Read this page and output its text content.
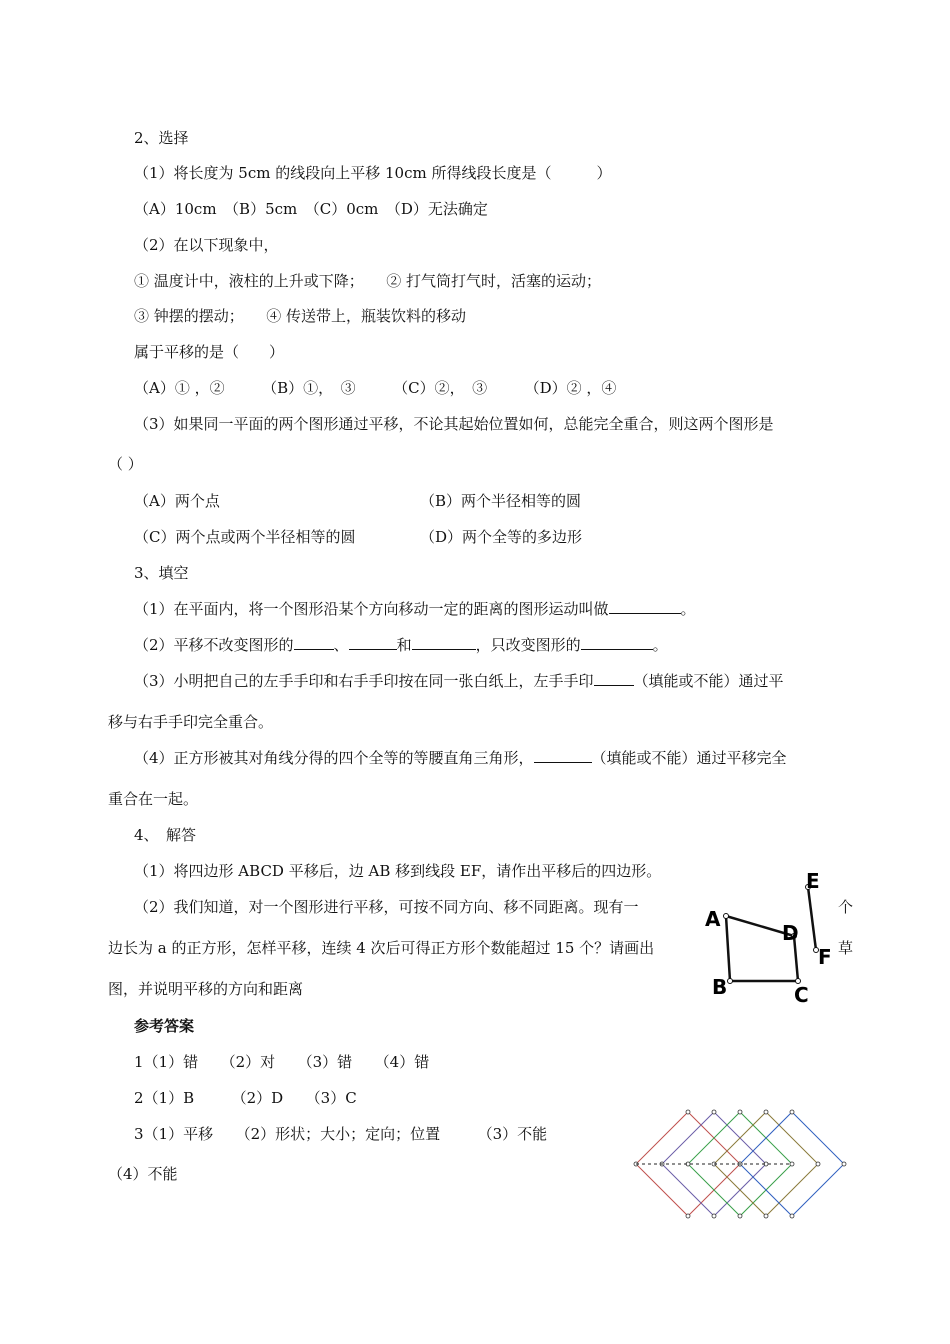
2、选择
（1）将长度为 5cm 的线段向上平移 10cm 所得线段长度是（　　　）
（A）10cm　（B）5cm　（C）0cm　（D）无法确定
（2）在以下现象中，
① 温度计中，液柱的上升或下降；　　② 打气筒打气时，活塞的运动；
③ 钟摆的摆动；　　④ 传送带上，瓶装饮料的移动
属于平移的是（　　）
（A）① ，②　　　（B）①，　③　　　（C）②，　③　　　（D）② ，④
（3）如果同一平面的两个图形通过平移，不论其起始位置如何，总能完全重合，则这两个图形是
（ ）
（A）两个点	（B）两个半径相等的圆
（C）两个点或两个半径相等的圆	（D）两个全等的多边形
3、填空
（1）在平面内，将一个图形沿某个方向移动一定的距离的图形运动叫做	。
（2）平移不改变图形的	、	和	，只改变图形的	。
（3）小明把自己的左手手印和右手手印按在同一张白纸上，左手手印	（填能或不能）通过平
移与右手手印完全重合。
（4）正方形被其对角线分得的四个全等的等腰直角三角形，	（填能或不能）通过平移完全
重合在一起。
4、　解答
（1）将四边形 ABCD 平移后，边 AB 移到线段 EF，请作出平移后的四边形。
（2）我们知道，对一个图形进行平移，可按不同方向、移不同距离。现有一	个
边长为 a 的正方形，怎样平移，连续 4 次后可得正方形个数能超过 15 个？请画出	草
图，并说明平移的方向和距离
A
D
B	C
E
F
参考答案
1（1）错　　（2）对　　（3）错　　（4）错
2（1）B　　　（2）D　　（3）C
3（1）平移　　（2）形状；大小；定向；位置　　　（3）不能
（4）不能
